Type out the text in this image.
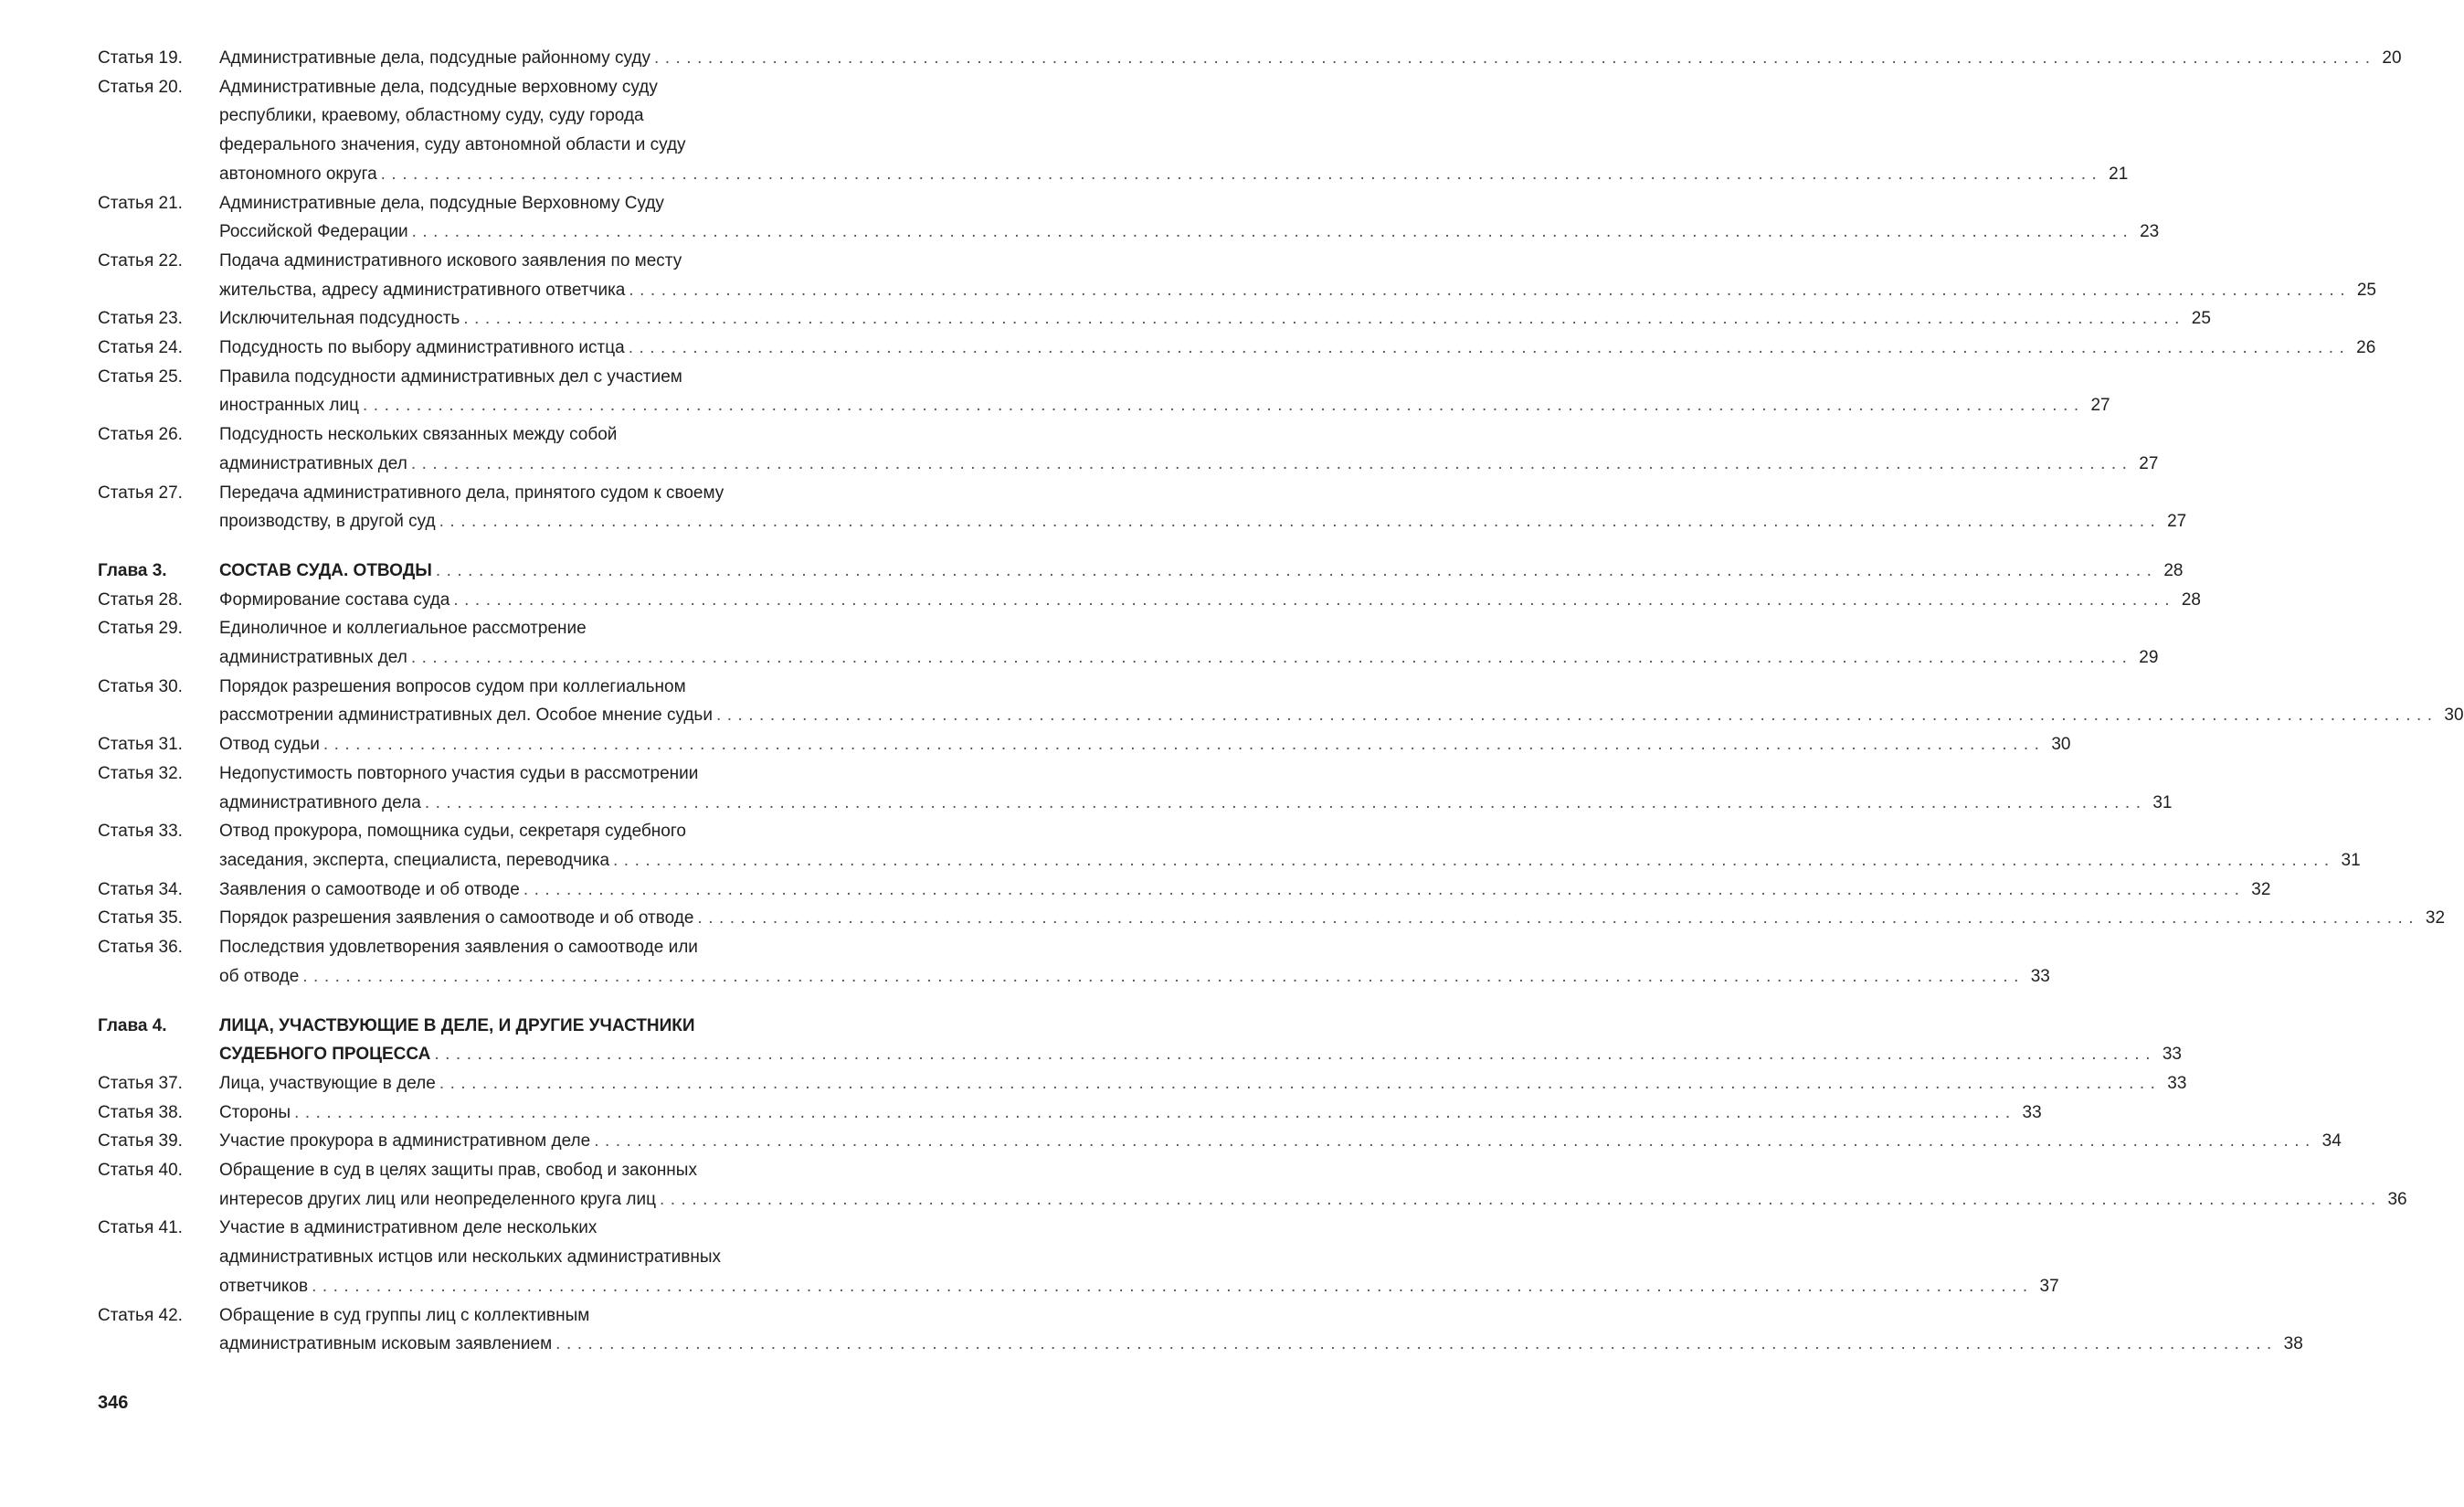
Статья 19.	Административные дела, подсудные районному суду ................................................................................................................................................................ 20
Статья 20.	Административные дела, подсудные верховному суду
республики, краевому, областному суду, суду города
федерального значения, суду автономной области и суду
автономного округа ................................................................................................................................................................ 21
Статья 21.	Административные дела, подсудные Верховному Суду
Российской Федерации ................................................................................................................................................................ 23
Статья 22.	Подача административного искового заявления по месту
жительства, адресу административного ответчика ................................................................................................................................................................ 25
Статья 23.	Исключительная подсудность ................................................................................................................................................................ 25
Статья 24.	Подсудность по выбору административного истца ................................................................................................................................................................ 26
Статья 25.	Правила подсудности административных дел с участием
иностранных лиц ................................................................................................................................................................ 27
Статья 26.	Подсудность нескольких связанных между собой
административных дел ................................................................................................................................................................ 27
Статья 27.	Передача административного дела, принятого судом к своему
производству, в другой суд ................................................................................................................................................................ 27
Глава 3.	СОСТАВ СУДА. ОТВОДЫ ................................................................................................................................................................ 28
Статья 28.	Формирование состава суда ................................................................................................................................................................ 28
Статья 29.	Единоличное и коллегиальное рассмотрение
административных дел ................................................................................................................................................................ 29
Статья 30.	Порядок разрешения вопросов судом при коллегиальном
рассмотрении административных дел. Особое мнение судьи ................................................................................................................................................................ 30
Статья 31.	Отвод судьи ................................................................................................................................................................ 30
Статья 32.	Недопустимость повторного участия судьи в рассмотрении
административного дела ................................................................................................................................................................ 31
Статья 33.	Отвод прокурора, помощника судьи, секретаря судебного
заседания, эксперта, специалиста, переводчика ................................................................................................................................................................ 31
Статья 34.	Заявления о самоотводе и об отводе ................................................................................................................................................................ 32
Статья 35.	Порядок разрешения заявления о самоотводе и об отводе ................................................................................................................................................................ 32
Статья 36.	Последствия удовлетворения заявления о самоотводе или
об отводе ................................................................................................................................................................ 33
Глава 4.	ЛИЦА, УЧАСТВУЮЩИЕ В ДЕЛЕ, И ДРУГИЕ УЧАСТНИКИ
СУДЕБНОГО ПРОЦЕССА ................................................................................................................................................................ 33
Статья 37.	Лица, участвующие в деле ................................................................................................................................................................ 33
Статья 38.	Стороны ................................................................................................................................................................ 33
Статья 39.	Участие прокурора в административном деле ................................................................................................................................................................ 34
Статья 40.	Обращение в суд в целях защиты прав, свобод и законных
интересов других лиц или неопределенного круга лиц ................................................................................................................................................................ 36
Статья 41.	Участие в административном деле нескольких
административных истцов или нескольких административных
ответчиков ................................................................................................................................................................ 37
Статья 42.	Обращение в суд группы лиц с коллективным
административным исковым заявлением ................................................................................................................................................................ 38
346
